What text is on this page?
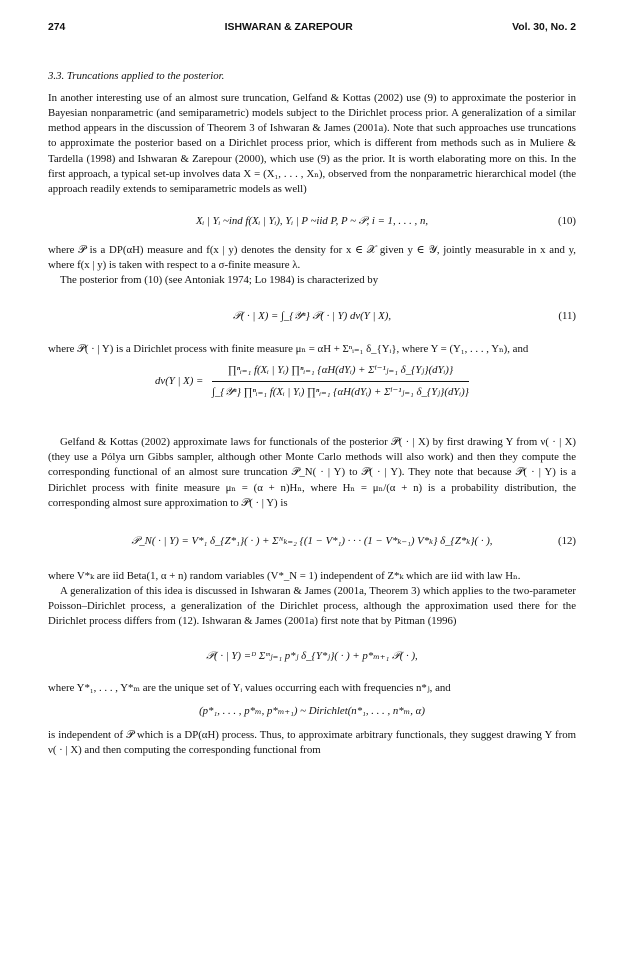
274	ISHWARAN & ZAREPOUR	Vol. 30, No. 2
3.3. Truncations applied to the posterior.

In another interesting use of an almost sure truncation, Gelfand & Kottas (2002) use (9) to approximate the posterior in Bayesian nonparametric (and semiparametric) models subject to the Dirichlet process prior. A generalization of a similar method appears in the discussion of Theorem 3 of Ishwaran & James (2001a). Note that such approaches use truncations to approximate the posterior based on a Dirichlet process prior, which is different from methods such as in Muliere & Tardella (1998) and Ishwaran & Zarepour (2000), which use (9) as the prior. It is worth elaborating more on this. In the first approach, a typical set-up involves data X = (X₁, . . . , Xₙ), observed from the nonparametric hierarchical model (the approach readily extends to semiparametric models as well)

Xᵢ | Yᵢ ~ind f(Xᵢ | Yᵢ), Yᵢ | P ~iid P, P ~ 𝒫, i = 1, . . . , n,	(10)

where 𝒫 is a DP(αH) measure and f(x | y) denotes the density for x ∈ 𝒳 given y ∈ 𝒴, jointly measurable in x and y, where f(x | y) is taken with respect to a σ-finite measure λ.

The posterior from (10) (see Antoniak 1974; Lo 1984) is characterized by

𝒫( · | X) = ∫_{𝒴ⁿ} 𝒫( · | Y) dν(Y | X),	(11)

where 𝒫( · | Y) is a Dirichlet process with finite measure μₙ = αH + Σⁿᵢ₌₁ δ_{Yᵢ}, where Y = (Y₁, . . . , Yₙ), and

dν(Y | X) =
∏ⁿᵢ₌₁ f(Xᵢ | Yᵢ) ∏ⁿᵢ₌₁ {αH(dYᵢ) + Σⁱ⁻¹ⱼ₌₁ δ_{Yⱼ}(dYᵢ)}
∫_{𝒴ⁿ} ∏ⁿᵢ₌₁ f(Xᵢ | Yᵢ) ∏ⁿᵢ₌₁ {αH(dYᵢ) + Σⁱ⁻¹ⱼ₌₁ δ_{Yⱼ}(dYᵢ)}

Gelfand & Kottas (2002) approximate laws for functionals of the posterior 𝒫( · | X) by first drawing Y from ν( · | X) (they use a Pólya urn Gibbs sampler, although other Monte Carlo methods will also work) and then they compute the corresponding functional of an almost sure truncation 𝒫_N( · | Y) to 𝒫( · | Y). They note that because 𝒫( · | Y) is a Dirichlet process with finite measure μₙ = (α + n)Hₙ, where Hₙ = μₙ/(α + n) is a probability distribution, the corresponding almost sure approximation to 𝒫( · | Y) is

𝒫_N( · | Y) = V*₁ δ_{Z*₁}( · ) + Σᴺₖ₌₂ {(1 − V*₁) · · · (1 − V*ₖ₋₁) V*ₖ} δ_{Z*ₖ}( · ),	(12)

where V*ₖ are iid Beta(1, α + n) random variables (V*_N = 1) independent of Z*ₖ which are iid with law Hₙ.

A generalization of this idea is discussed in Ishwaran & James (2001a, Theorem 3) which applies to the two-parameter Poisson–Dirichlet process, a generalization of the Dirichlet process, although the approximation used there for the Dirichlet process differs from (12). Ishwaran & James (2001a) first note that by Pitman (1996)

𝒫( · | Y) =ᴰ Σᵐⱼ₌₁ p*ⱼ δ_{Y*ⱼ}( · ) + p*ₘ₊₁ 𝒫( · ),

where Y*₁, . . . , Y*ₘ are the unique set of Yᵢ values occurring each with frequencies n*ⱼ, and

(p*₁, . . . , p*ₘ, p*ₘ₊₁) ~ Dirichlet(n*₁, . . . , n*ₘ, α)

is independent of 𝒫 which is a DP(αH) process. Thus, to approximate arbitrary functionals, they suggest drawing Y from ν( · | X) and then computing the corresponding functional from
